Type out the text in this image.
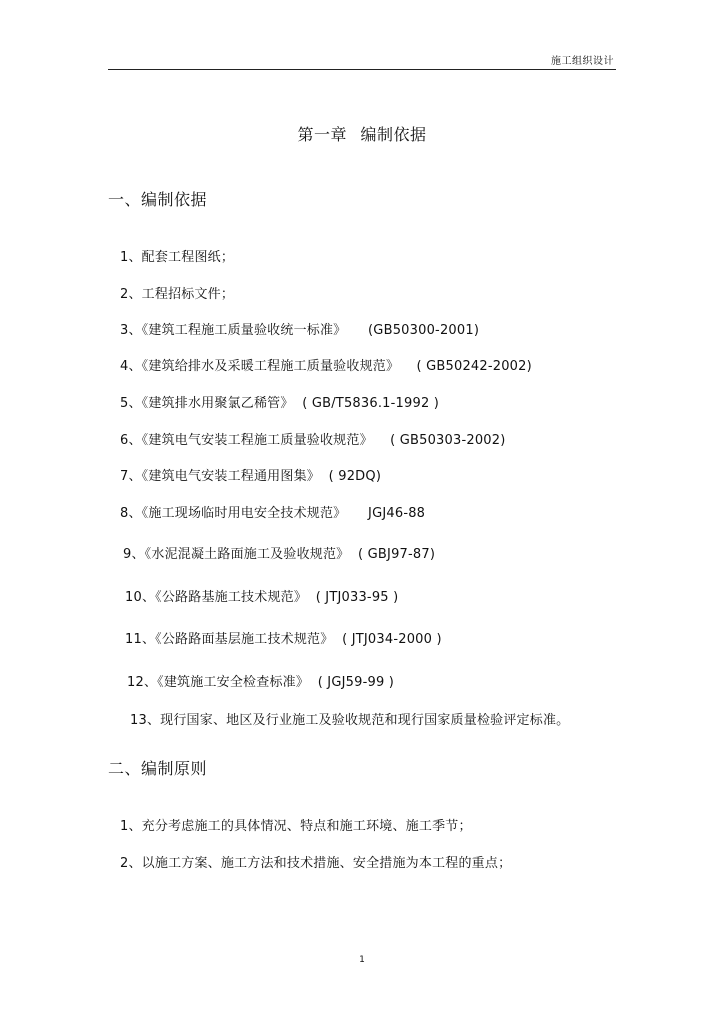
施工组织设计
第一章 编制依据
一、编制依据
1、配套工程图纸；
2、工程招标文件；
3、《建筑工程施工质量验收统一标准》     (GB50300-2001)
4、《建筑给排水及采暖工程施工质量验收规范》    ( GB50242-2002)
5、《建筑排水用聚氯乙稀管》  ( GB/T5836.1-1992 )
6、《建筑电气安装工程施工质量验收规范》    ( GB50303-2002)
7、《建筑电气安装工程通用图集》  ( 92DQ)
8、《施工现场临时用电安全技术规范》     JGJ46-88
9、《水泥混凝土路面施工及验收规范》  ( GBJ97-87)
10、《公路路基施工技术规范》  ( JTJ033-95 )
11、《公路路面基层施工技术规范》  ( JTJ034-2000 )
12、《建筑施工安全检查标准》  ( JGJ59-99 )
13、现行国家、地区及行业施工及验收规范和现行国家质量检验评定标准。
二、编制原则
1、充分考虑施工的具体情况、特点和施工环境、施工季节；
2、以施工方案、施工方法和技术措施、安全措施为本工程的重点；
1
